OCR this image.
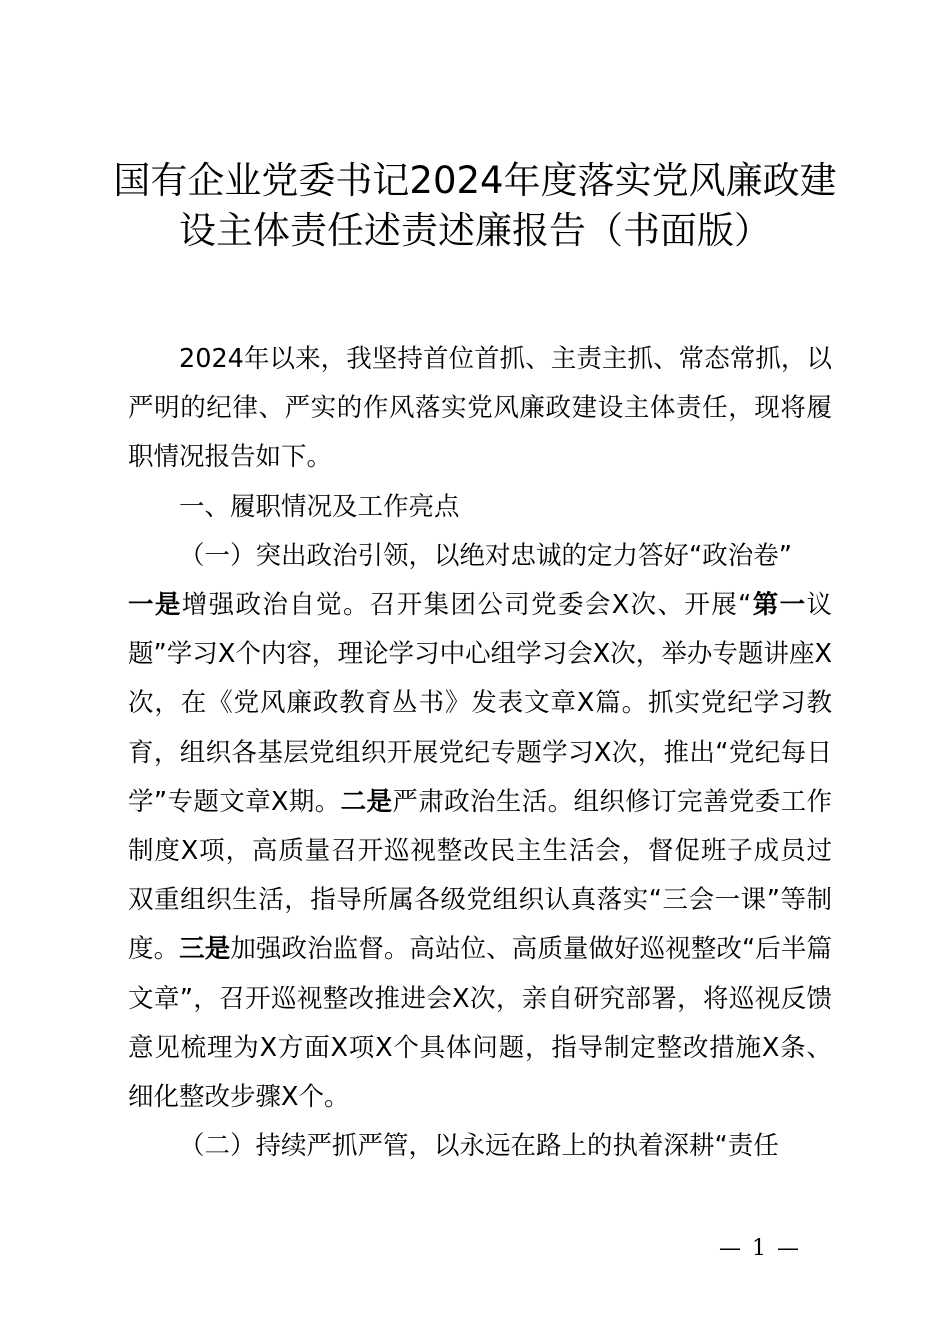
国有企业党委书记2024年度落实党风廉政建
设主体责任述责述廉报告（书面版）
2024年以来，我坚持首位首抓、主责主抓、常态常抓，以严明的纪律、严实的作风落实党风廉政建设主体责任，现将履职情况报告如下。
一、履职情况及工作亮点
（一）突出政治引领，以绝对忠诚的定力答好“政治卷”
一是增强政治自觉。召开集团公司党委会X次、开展“第一议题”学习X个内容，理论学习中心组学习会X次，举办专题讲座X次，在《党风廉政教育丛书》发表文章X篇。抓实党纪学习教育，组织各基层党组织开展党纪专题学习X次，推出“党纪每日学”专题文章X期。二是严肃政治生活。组织修订完善党委工作制度X项，高质量召开巡视整改民主生活会，督促班子成员过双重组织生活，指导所属各级党组织认真落实“三会一课”等制度。三是加强政治监督。高站位、高质量做好巡视整改“后半篇文章”，召开巡视整改推进会X次，亲自研究部署，将巡视反馈意见梳理为X方面X项X个具体问题，指导制定整改措施X条、细化整改步骤X个。
（二）持续严抓严管，以永远在路上的执着深耕“责任
— 1 —
